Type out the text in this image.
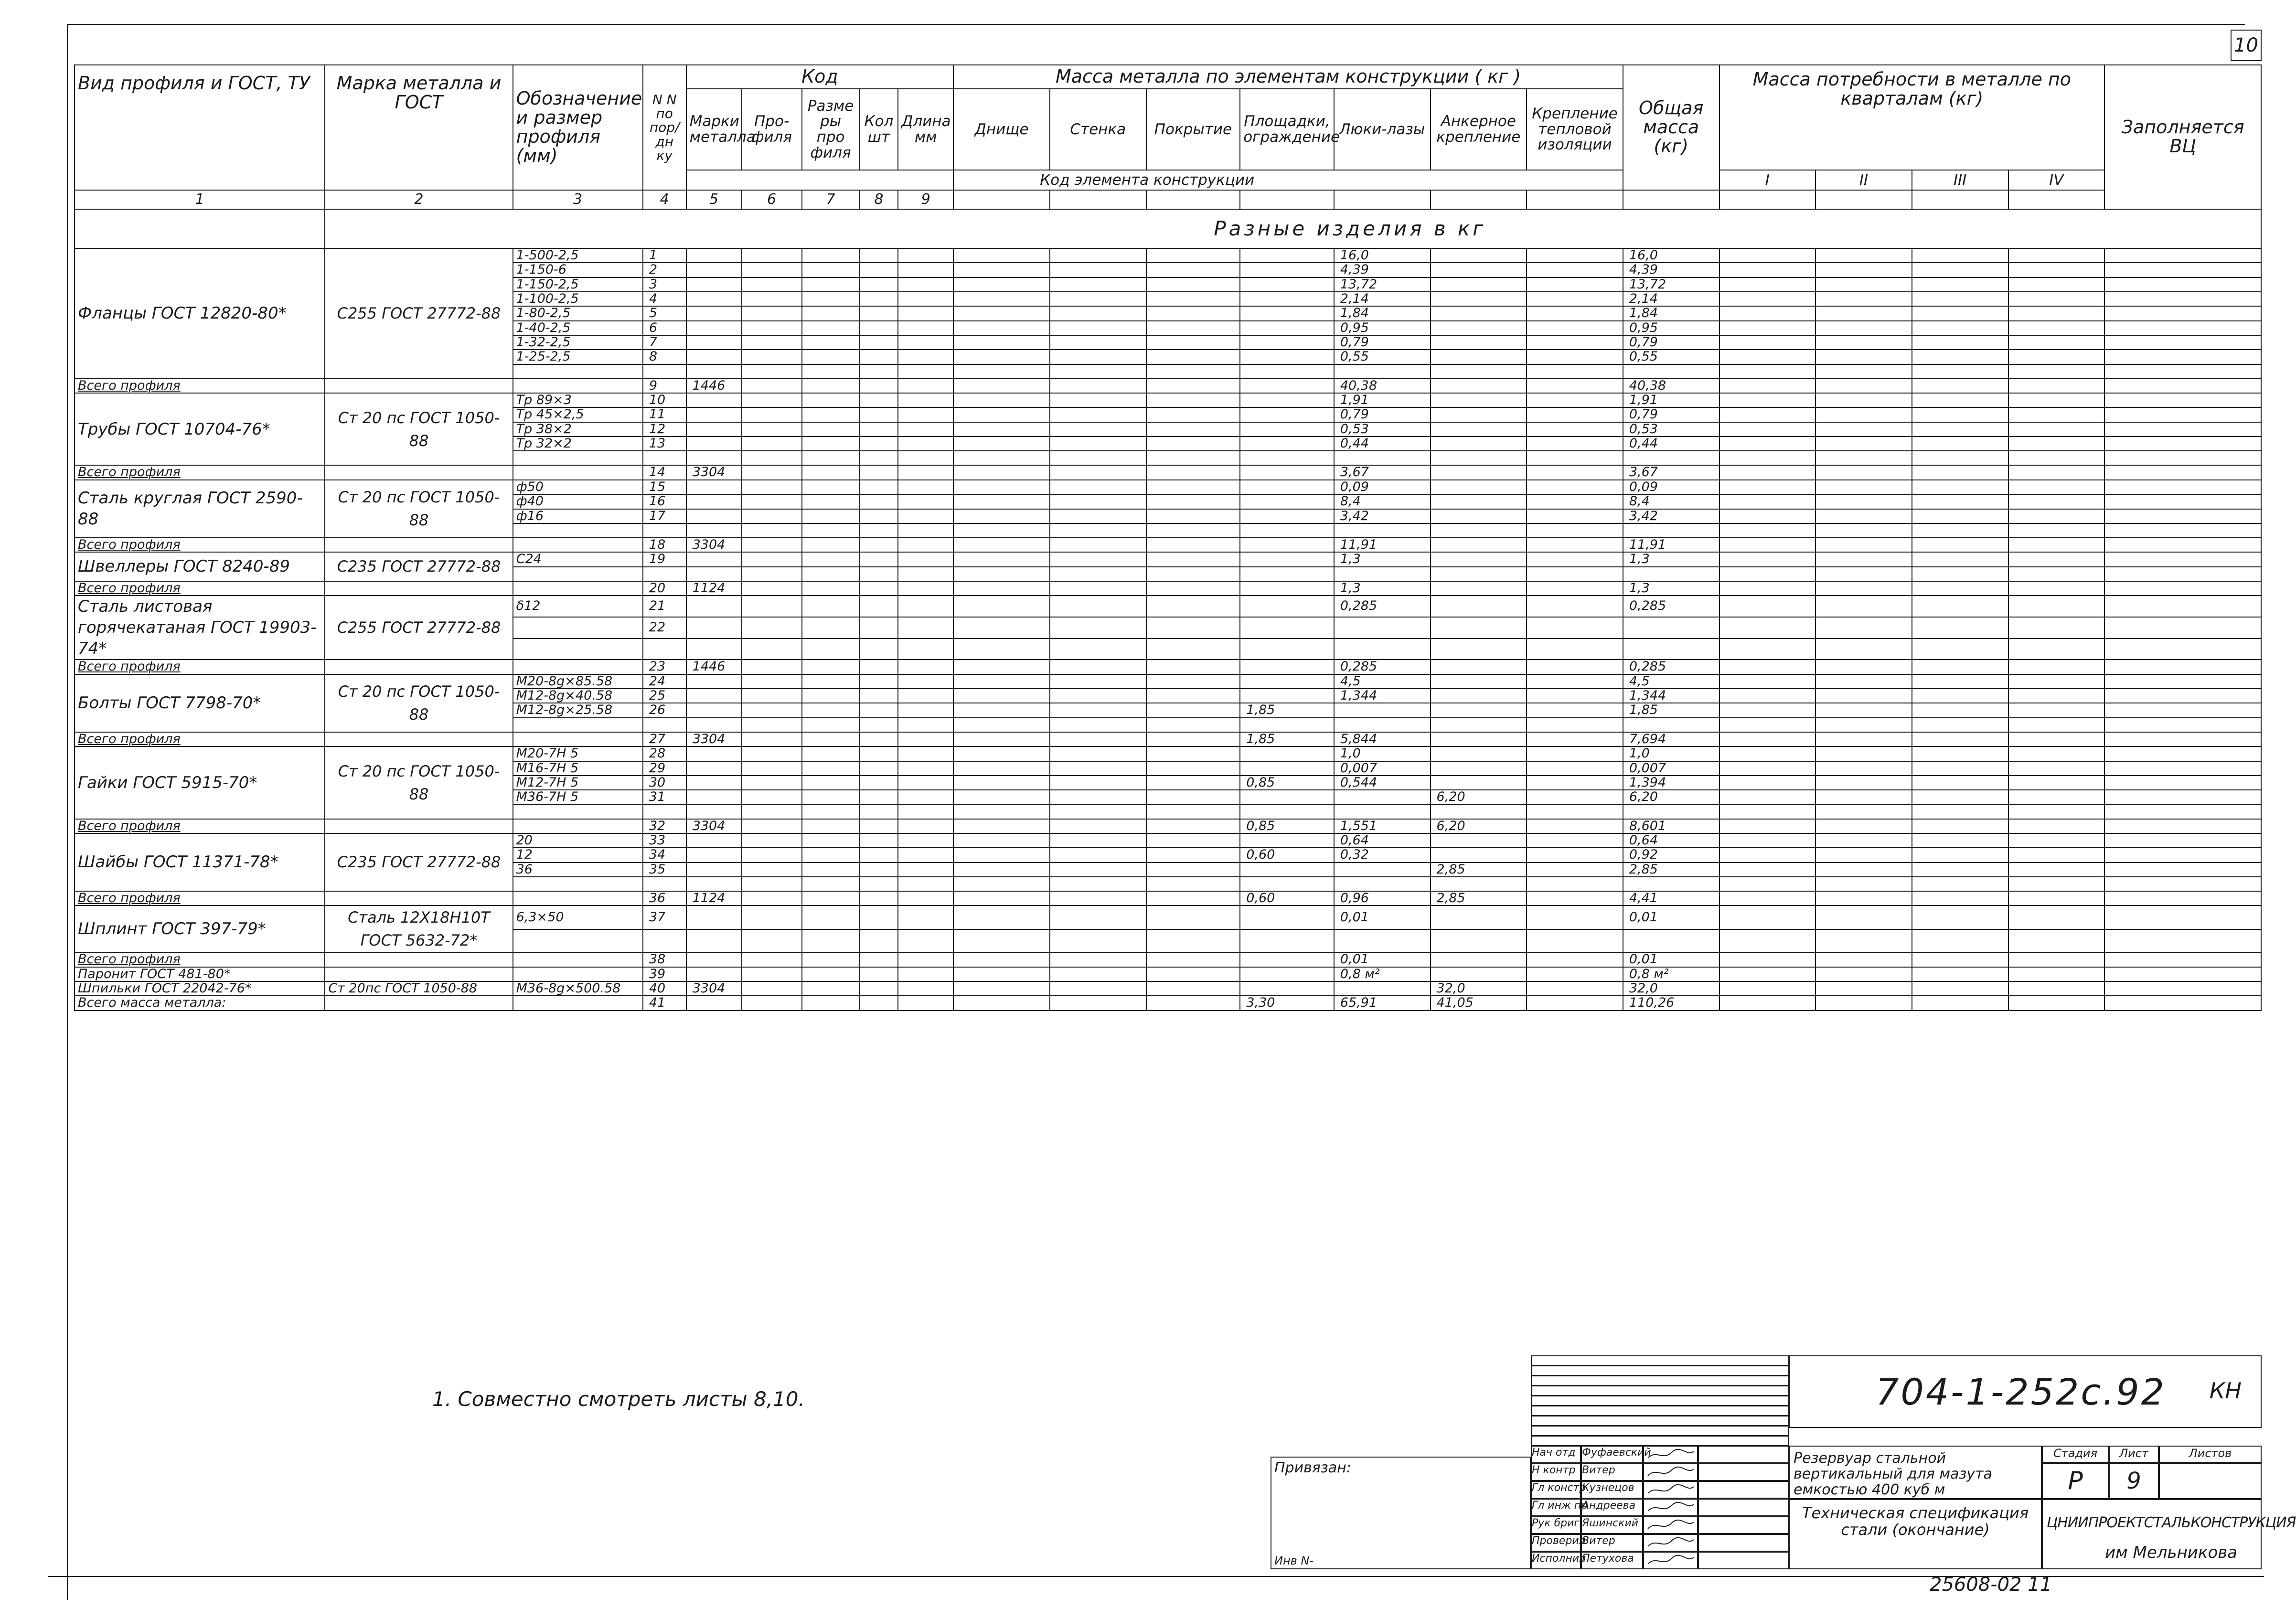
10
Вид профиля и ГОСТ, ТУ	Марка металла и ГОСТ	Обозначение и размер профиля (мм)	N N по пор/дн ку	Код					Масса металла по элементам конструкции ( кг )							Общая масса (кг)	Масса потребности в металле по кварталам (кг)				Заполняется ВЦ
				Марки металла	Про-филя	Разме ры про филя	Кол шт	Длина мм	Днище	Стенка	Покрытие	Площадки, ограждение	Люки-лазы	Анкерное крепление	Крепление тепловой изоляции						
									Код элемента конструкции								I	II	III	IV	
1	2	3	4	5	6	7	8	9													
	Разные изделия в кг																				
Фланцы ГОСТ 12820-80*	С255 ГОСТ 27772-88	1-500-2,5	1										16,0			16,0					
		1-150-6	2										4,39			4,39					
		1-150-2,5	3										13,72			13,72					
		1-100-2,5	4										2,14			2,14					
		1-80-2,5	5										1,84			1,84					
		1-40-2,5	6										0,95			0,95					
		1-32-2,5	7										0,79			0,79					
		1-25-2,5	8										0,55			0,55					

Всего профиля			9	1446									40,38			40,38					
Трубы ГОСТ 10704-76*	Ст 20 пс ГОСТ 1050-88	Тр 89×3	10										1,91			1,91					
		Тр 45×2,5	11										0,79			0,79					
		Тр 38×2	12										0,53			0,53					
		Тр 32×2	13										0,44			0,44					

Всего профиля			14	3304									3,67			3,67					
Сталь круглая ГОСТ 2590-88	Ст 20 пс ГОСТ 1050-88	ф50	15										0,09			0,09					
		ф40	16										8,4			8,4					
		ф16	17										3,42			3,42					

Всего профиля			18	3304									11,91			11,91					
Швеллеры ГОСТ 8240-89	С235 ГОСТ 27772-88	С24	19										1,3			1,3					

Всего профиля			20	1124									1,3			1,3					
Сталь листовая горячекатаная ГОСТ 19903-74*	С255 ГОСТ 27772-88	δ12	21										0,285			0,285					
			22																		

Всего профиля			23	1446									0,285			0,285					
Болты ГОСТ 7798-70*	Ст 20 пс ГОСТ 1050-88	М20-8g×85.58	24										4,5			4,5					
		М12-8g×40.58	25										1,344			1,344					
		М12-8g×25.58	26									1,85				1,85					

Всего профиля			27	3304								1,85	5,844			7,694					
Гайки ГОСТ 5915-70*	Ст 20 пс ГОСТ 1050-88	М20-7Н 5	28										1,0			1,0					
		М16-7Н 5	29										0,007			0,007					
		М12-7Н 5	30									0,85	0,544			1,394					
		М36-7Н 5	31											6,20		6,20					

Всего профиля			32	3304								0,85	1,551	6,20		8,601					
Шайбы ГОСТ 11371-78*	С235 ГОСТ 27772-88	20	33										0,64			0,64					
		12	34									0,60	0,32			0,92					
		36	35											2,85		2,85					

Всего профиля			36	1124								0,60	0,96	2,85		4,41					
Шплинт ГОСТ 397-79*	Сталь 12Х18Н10Т ГОСТ 5632-72*	6,3×50	37										0,01			0,01					

Всего профиля			38										0,01			0,01					
Паронит ГОСТ 481-80*			39										0,8 м²			0,8 м²					
Шпильки ГОСТ 22042-76*	Ст 20пс ГОСТ 1050-88	М36-8g×500.58	40	3304										32,0		32,0					
Всего масса металла:			41									3,30	65,91	41,05		110,26					
1. Совместно смотреть листы 8,10.	704-1-252с.92 КН
Привязан:
Инв N-
Нач отд Фуфаевский
Н контр Витер
Гл констр
Кузнецов
Гл инж пр
Андреева
Рук бриг Яшинский
Проверил
Витер
Исполнил
Петухова
Резервуар стальной вертикальный для мазута емкостью 400 куб м
Техническая спецификация стали (окончание)
Стадия	Лист	Листов
Р	9
ЦНИИПРОЕКТСТАЛЬКОНСТРУКЦИЯ
им Мельникова
25608-02 11
